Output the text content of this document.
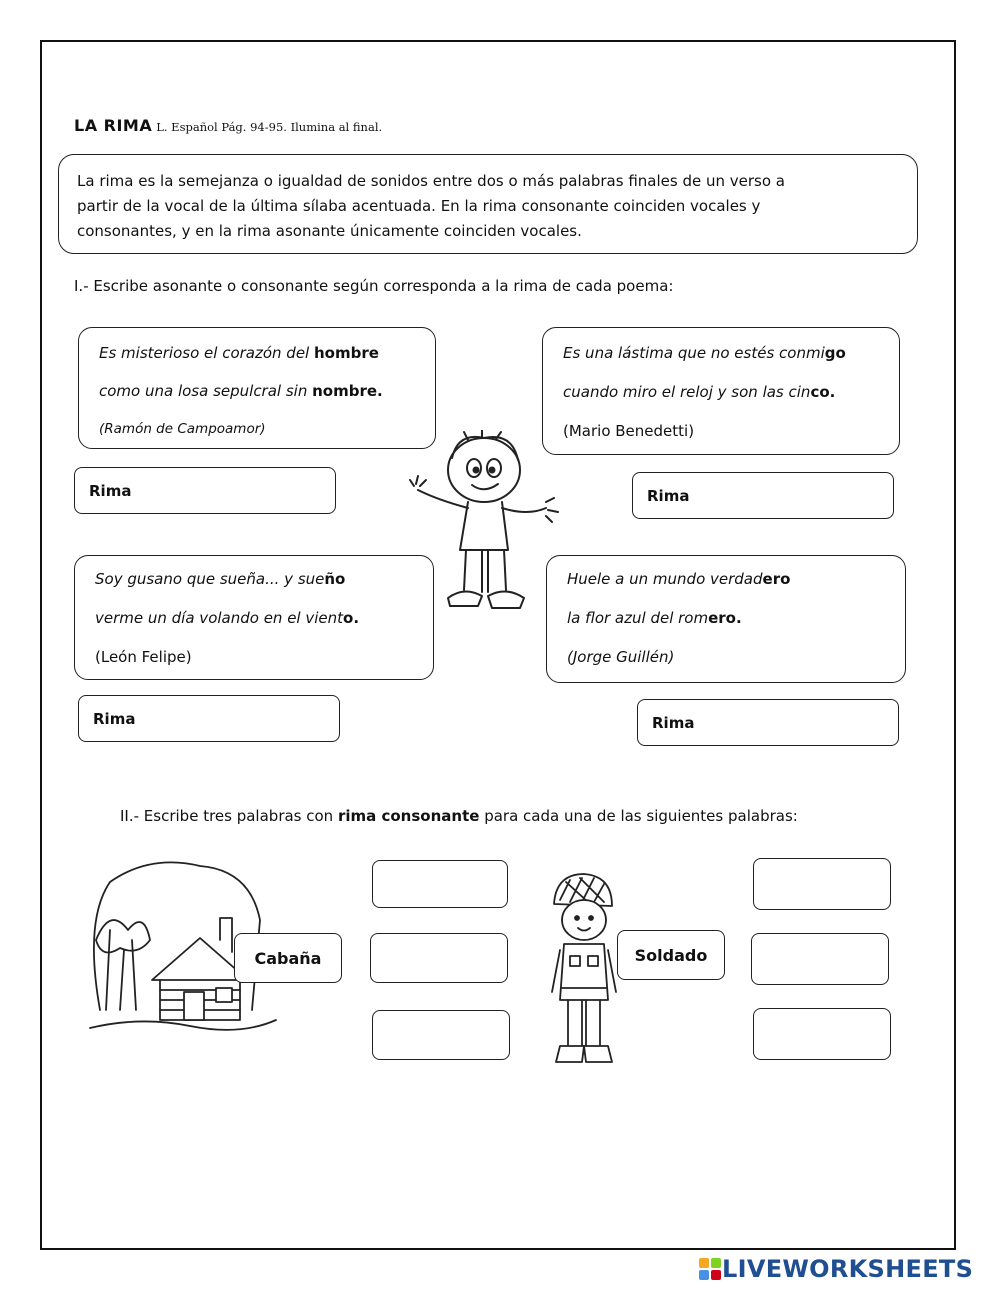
LA RIMA L. Español Pág. 94-95. Ilumina al final.
La rima es la semejanza o igualdad de sonidos entre dos o más palabras finales de un verso a
partir de la vocal de la última sílaba acentuada. En la rima consonante coinciden vocales y
consonantes, y en la rima asonante únicamente coinciden vocales.
I.- Escribe asonante o consonante según corresponda a la rima de cada poema:
Es misterioso el corazón del hombre
como una losa sepulcral sin nombre.
(Ramón de Campoamor)
Rima
Es una lástima que no estés conmigo
cuando miro el reloj y son las cinco.
(Mario Benedetti)
Rima
Soy gusano que sueña... y sueño
verme un día volando en el viento.
(León Felipe)
Rima
Huele a un mundo verdadero
la flor azul del romero.
(Jorge Guillén)
Rima
II.- Escribe tres palabras con rima consonante para cada una de las siguientes palabras:
Cabaña	Soldado
LIVEWORKSHEETS
